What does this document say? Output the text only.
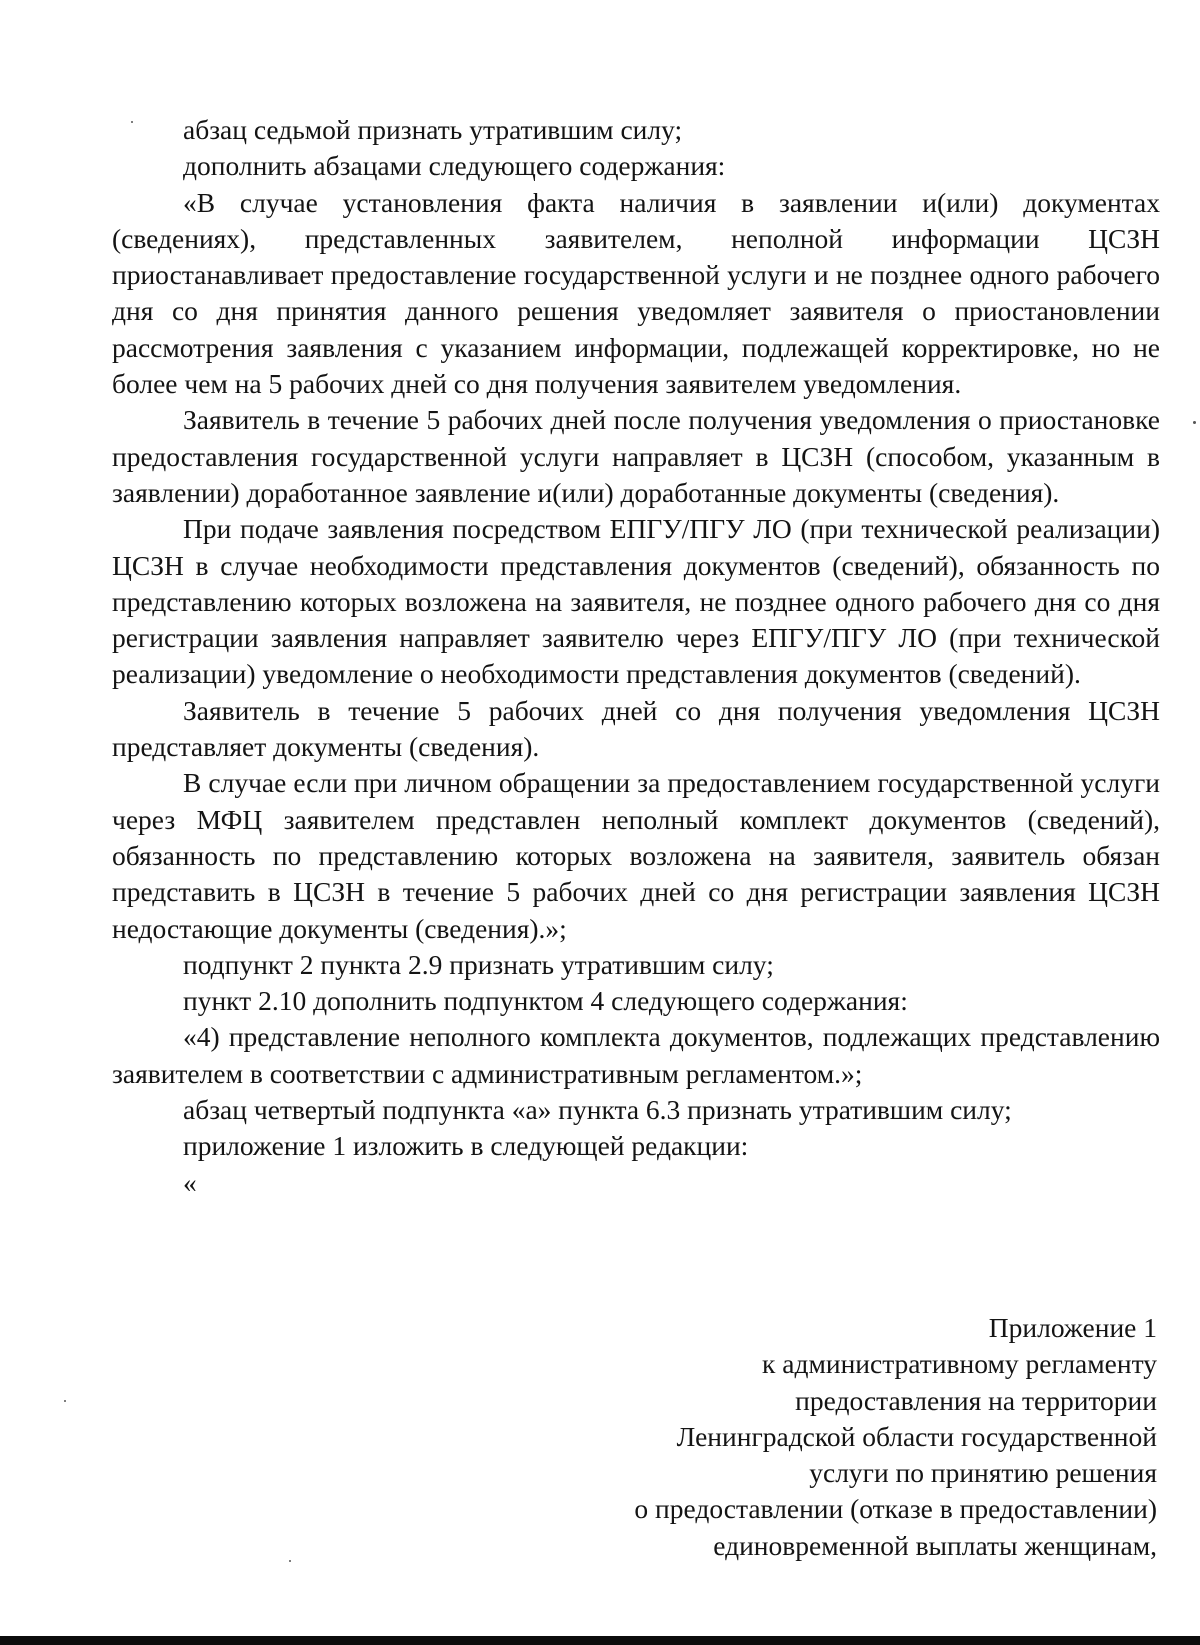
абзац седьмой признать утратившим силу;

дополнить абзацами следующего содержания:

«В случае установления факта наличия в заявлении и(или) документах (сведениях), представленных заявителем, неполной информации ЦСЗН приостанавливает предоставление государственной услуги и не позднее одного рабочего дня со дня принятия данного решения уведомляет заявителя о приостановлении рассмотрения заявления с указанием информации, подлежащей корректировке, но не более чем на 5 рабочих дней со дня получения заявителем уведомления.

Заявитель в течение 5 рабочих дней после получения уведомления о приостановке предоставления государственной услуги направляет в ЦСЗН (способом, указанным в заявлении) доработанное заявление и(или) доработанные документы (сведения).

При подаче заявления посредством ЕПГУ/ПГУ ЛО (при технической реализации) ЦСЗН в случае необходимости представления документов (сведений), обязанность по представлению которых возложена на заявителя, не позднее одного рабочего дня со дня регистрации заявления направляет заявителю через ЕПГУ/ПГУ ЛО (при технической реализации) уведомление о необходимости представления документов (сведений).

Заявитель в течение 5 рабочих дней со дня получения уведомления ЦСЗН представляет документы (сведения).

В случае если при личном обращении за предоставлением государственной услуги через МФЦ заявителем представлен неполный комплект документов (сведений), обязанность по представлению которых возложена на заявителя, заявитель обязан представить в ЦСЗН в течение 5 рабочих дней со дня регистрации заявления ЦСЗН недостающие документы (сведения).»;

подпункт 2 пункта 2.9 признать утратившим силу;

пункт 2.10 дополнить подпунктом 4 следующего содержания:

«4) представление неполного комплекта документов, подлежащих представлению заявителем в соответствии с административным регламентом.»;

абзац четвертый подпункта «а» пункта 6.3 признать утратившим силу;

приложение 1 изложить в следующей редакции:

«

Приложение 1
к административному регламенту
предоставления на территории
Ленинградской области государственной
услуги по принятию решения
о предоставлении (отказе в предоставлении)
единовременной выплаты женщинам,
